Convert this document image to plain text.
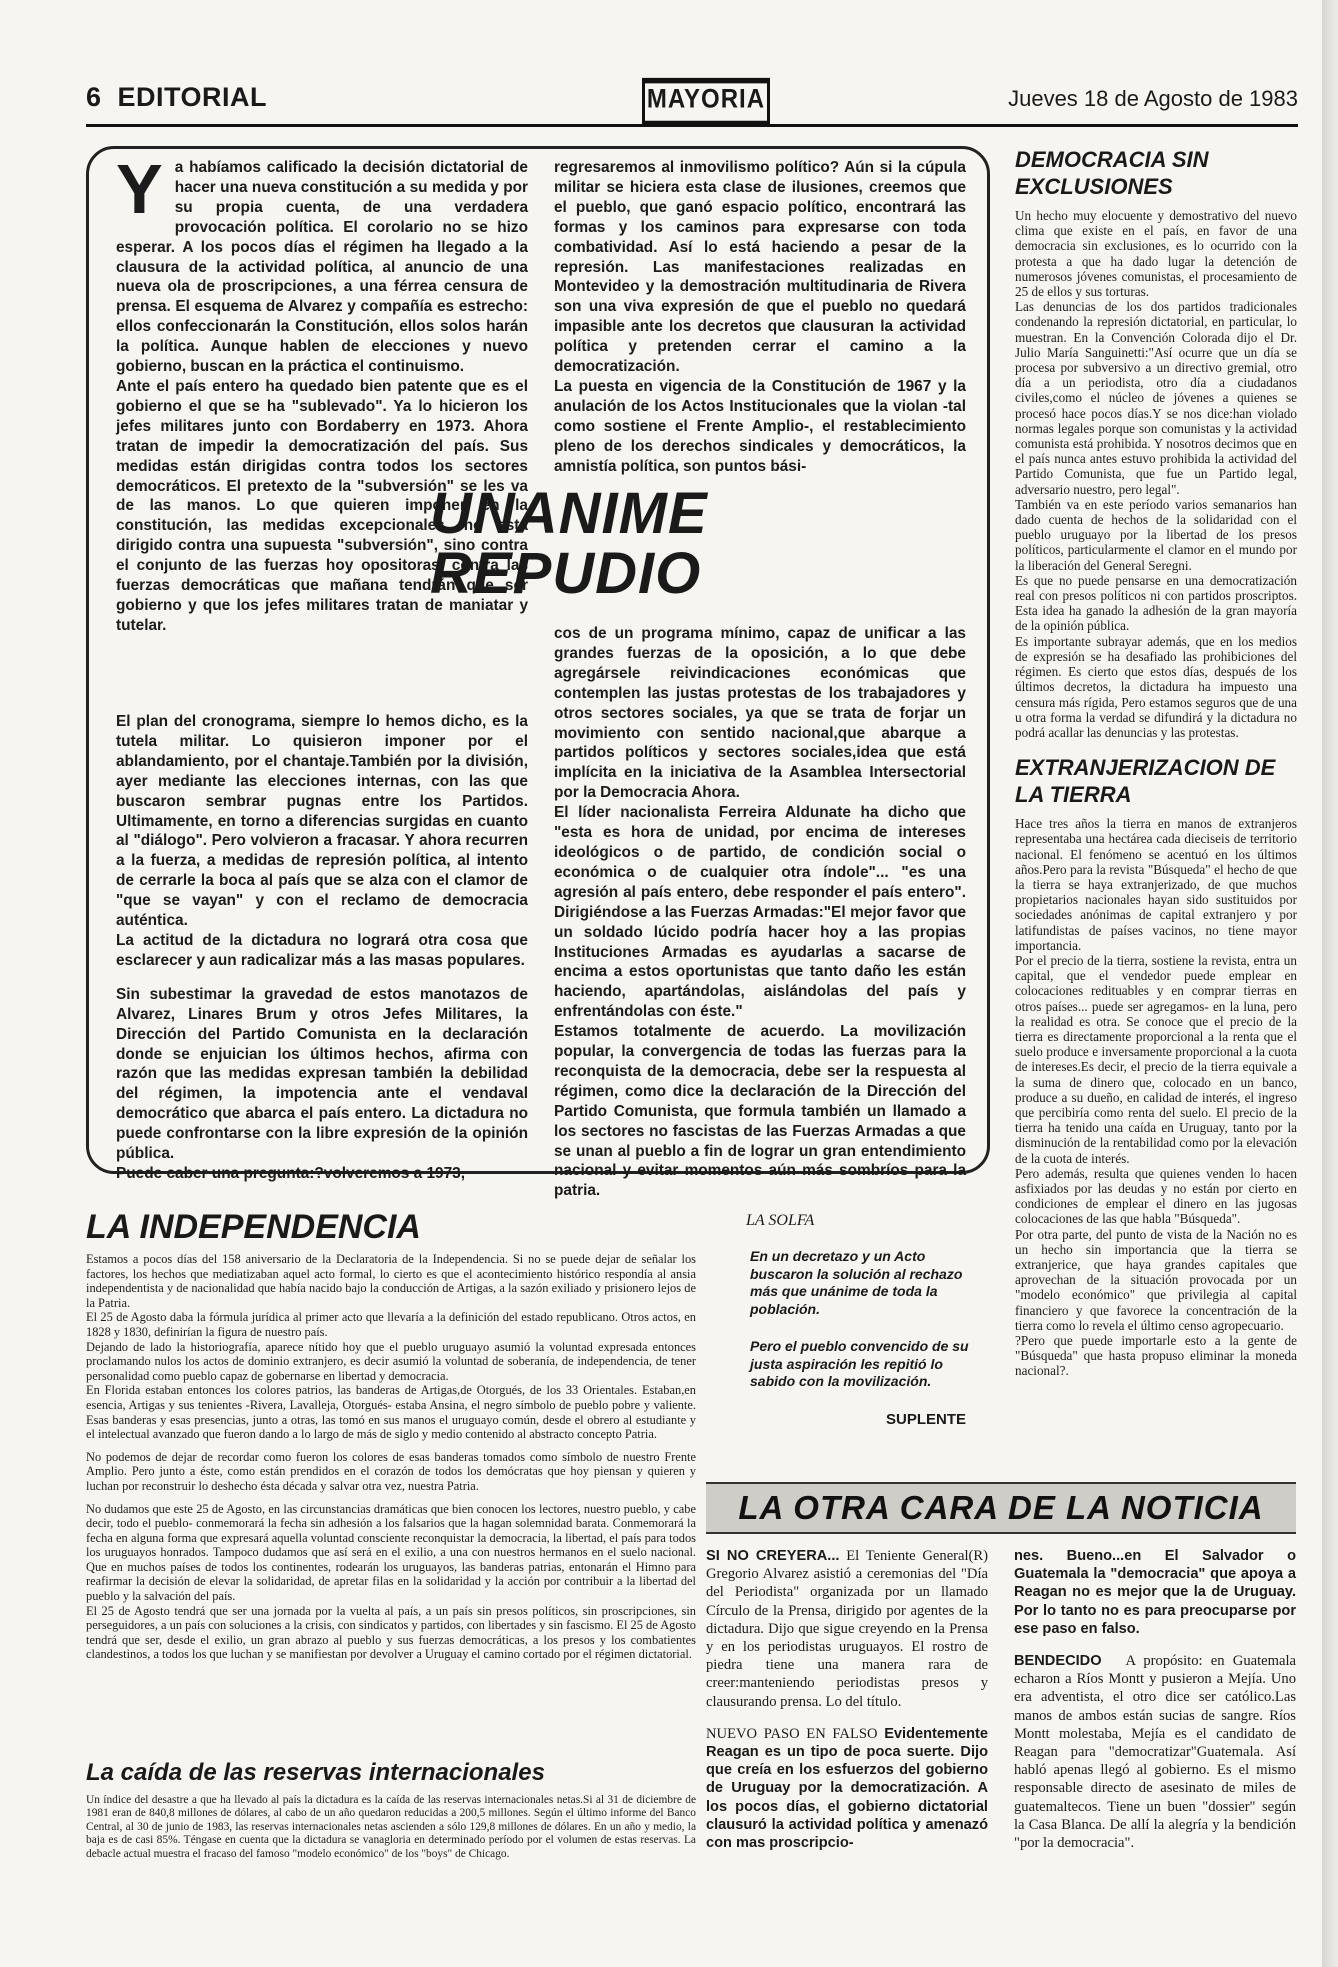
6 EDITORIAL	MAYORIA	Jueves 18 de Agosto de 1983

Ya habíamos calificado la decisión dictatorial de hacer una nueva constitución a su medida y por su propia cuenta, de una verdadera provocación política. El corolario no se hizo esperar. A los pocos días el régimen ha llegado a la clausura de la actividad política, al anuncio de una nueva ola de proscripciones, a una férrea censura de prensa. El esquema de Alvarez y compañía es estrecho: ellos confeccionarán la Constitución, ellos solos harán la política. Aunque hablen de elecciones y nuevo gobierno, buscan en la práctica el continuismo.

Ante el país entero ha quedado bien patente que es el gobierno el que se ha "sublevado". Ya lo hicieron los jefes militares junto con Bordaberry en 1973. Ahora tratan de impedir la democratización del país. Sus medidas están dirigidas contra todos los sectores democráticos. El pretexto de la "subversión" se les va de las manos. Lo que quieren imponer en la constitución, las medidas excepcionales, no está dirigido contra una supuesta "subversión", sino contra el conjunto de las fuerzas hoy opositoras, contra las fuerzas democráticas que mañana tendrán que ser gobierno y que los jefes militares tratan de maniatar y tutelar.

UNANIME
REPUDIO

El plan del cronograma, siempre lo hemos dicho, es la tutela militar. Lo quisieron imponer por el ablandamiento, por el chantaje.También por la división, ayer mediante las elecciones internas, con las que buscaron sembrar pugnas entre los Partidos. Ultimamente, en torno a diferencias surgidas en cuanto al "diálogo". Pero volvieron a fracasar. Y ahora recurren a la fuerza, a medidas de represión política, al intento de cerrarle la boca al país que se alza con el clamor de "que se vayan" y con el reclamo de democracia auténtica.

La actitud de la dictadura no logrará otra cosa que esclarecer y aun radicalizar más a las masas populares.

Sin subestimar la gravedad de estos manotazos de Alvarez, Linares Brum y otros Jefes Militares, la Dirección del Partido Comunista en la declaración donde se enjuician los últimos hechos, afirma con razón que las medidas expresan también la debilidad del régimen, la impotencia ante el vendaval democrático que abarca el país entero. La dictadura no puede confrontarse con la libre expresión de la opinión pública.

Puede caber una pregunta:?volveremos a 1973,

regresaremos al inmovilismo político? Aún si la cúpula militar se hiciera esta clase de ilusiones, creemos que el pueblo, que ganó espacio político, encontrará las formas y los caminos para expresarse con toda combatividad. Así lo está haciendo a pesar de la represión. Las manifestaciones realizadas en Montevideo y la demostración multitudinaria de Rivera son una viva expresión de que el pueblo no quedará impasible ante los decretos que clausuran la actividad política y pretenden cerrar el camino a la democratización.

La puesta en vigencia de la Constitución de 1967 y la anulación de los Actos Institucionales que la violan -tal como sostiene el Frente Amplio-, el restablecimiento pleno de los derechos sindicales y democráticos, la amnistía política, son puntos bási-

cos de un programa mínimo, capaz de unificar a las grandes fuerzas de la oposición, a lo que debe agregársele reivindicaciones económicas que contemplen las justas protestas de los trabajadores y otros sectores sociales, ya que se trata de forjar un movimiento con sentido nacional,que abarque a partidos políticos y sectores sociales,idea que está implícita en la iniciativa de la Asamblea Intersectorial por la Democracia Ahora.

El líder nacionalista Ferreira Aldunate ha dicho que "esta es hora de unidad, por encima de intereses ideológicos o de partido, de condición social o económica o de cualquier otra índole"... "es una agresión al país entero, debe responder el país entero". Dirigiéndose a las Fuerzas Armadas:"El mejor favor que un soldado lúcido podría hacer hoy a las propias Instituciones Armadas es ayudarlas a sacarse de encima a estos oportunistas que tanto daño les están haciendo, apartándolas, aislándolas del país y enfrentándolas con éste."

Estamos totalmente de acuerdo. La movilización popular, la convergencia de todas las fuerzas para la reconquista de la democracia, debe ser la respuesta al régimen, como dice la declaración de la Dirección del Partido Comunista, que formula también un llamado a los sectores no fascistas de las Fuerzas Armadas a que se unan al pueblo a fin de lograr un gran entendimiento nacional y evitar momentos aún más sombríos para la patria.

DEMOCRACIA SIN EXCLUSIONES

Un hecho muy elocuente y demostrativo del nuevo clima que existe en el país, en favor de una democracia sin exclusiones, es lo ocurrido con la protesta a que ha dado lugar la detención de numerosos jóvenes comunistas, el procesamiento de 25 de ellos y sus torturas.

Las denuncias de los dos partidos tradicionales condenando la represión dictatorial, en particular, lo muestran. En la Convención Colorada dijo el Dr. Julio María Sanguinetti:"Así ocurre que un día se procesa por subversivo a un directivo gremial, otro día a un periodista, otro día a ciudadanos civiles,como el núcleo de jóvenes a quienes se procesó hace pocos días.Y se nos dice:han violado normas legales porque son comunistas y la actividad comunista está prohibida. Y nosotros decimos que en el país nunca antes estuvo prohibida la actividad del Partido Comunista, que fue un Partido legal, adversario nuestro, pero legal".

También va en este período varios semanarios han dado cuenta de hechos de la solidaridad con el pueblo uruguayo por la libertad de los presos políticos, particularmente el clamor en el mundo por la liberación del General Seregni.

Es que no puede pensarse en una democratización real con presos políticos ni con partidos proscriptos. Esta idea ha ganado la adhesión de la gran mayoría de la opinión pública.

Es importante subrayar además, que en los medios de expresión se ha desafiado las prohibiciones del régimen. Es cierto que estos días, después de los últimos decretos, la dictadura ha impuesto una censura más rígida, Pero estamos seguros que de una u otra forma la verdad se difundirá y la dictadura no podrá acallar las denuncias y las protestas.

EXTRANJERIZACION DE LA TIERRA

Hace tres años la tierra en manos de extranjeros representaba una hectárea cada dieciseis de territorio nacional. El fenómeno se acentuó en los últimos años.Pero para la revista "Búsqueda" el hecho de que la tierra se haya extranjerizado, de que muchos propietarios nacionales hayan sido sustituidos por sociedades anónimas de capital extranjero y por latifundistas de países vacinos, no tiene mayor importancia.

Por el precio de la tierra, sostiene la revista, entra un capital, que el vendedor puede emplear en colocaciones redituables y en comprar tierras en otros países... puede ser agregamos- en la luna, pero la realidad es otra. Se conoce que el precio de la tierra es directamente proporcional a la renta que el suelo produce e inversamente proporcional a la cuota de intereses.Es decir, el precio de la tierra equivale a la suma de dinero que, colocado en un banco, produce a su dueño, en calidad de interés, el ingreso que percibiría como renta del suelo. El precio de la tierra ha tenido una caída en Uruguay, tanto por la disminución de la rentabilidad como por la elevación de la cuota de interés.

Pero además, resulta que quienes venden lo hacen asfixiados por las deudas y no están por cierto en condiciones de emplear el dinero en las jugosas colocaciones de las que habla "Búsqueda".

Por otra parte, del punto de vista de la Nación no es un hecho sin importancia que la tierra se extranjerice, que haya grandes capitales que aprovechan de la situación provocada por un "modelo económico" que privilegia al capital financiero y que favorece la concentración de la tierra como lo revela el último censo agropecuario.

?Pero que puede importarle esto a la gente de "Búsqueda" que hasta propuso eliminar la moneda nacional?.

LA INDEPENDENCIA

Estamos a pocos días del 158 aniversario de la Declaratoria de la Independencia. Si no se puede dejar de señalar los factores, los hechos que mediatizaban aquel acto formal, lo cierto es que el acontecimiento histórico respondía al ansia independentista y de nacionalidad que había nacido bajo la conducción de Artigas, a la sazón exiliado y prisionero lejos de la Patria.

El 25 de Agosto daba la fórmula jurídica al primer acto que llevaría a la definición del estado republicano. Otros actos, en 1828 y 1830, definirían la figura de nuestro país.

Dejando de lado la historiografía, aparece nítido hoy que el pueblo uruguayo asumió la voluntad expresada entonces proclamando nulos los actos de dominio extranjero, es decir asumió la voluntad de soberanía, de independencia, de tener personalidad como pueblo capaz de gobernarse en libertad y democracia.

En Florida estaban entonces los colores patrios, las banderas de Artigas,de Otorgués, de los 33 Orientales. Estaban,en esencia, Artigas y sus tenientes -Rivera, Lavalleja, Otorgués- estaba Ansina, el negro símbolo de pueblo pobre y valiente. Esas banderas y esas presencias, junto a otras, las tomó en sus manos el uruguayo común, desde el obrero al estudiante y el intelectual avanzado que fueron dando a lo largo de más de siglo y medio contenido al abstracto concepto Patria.

No podemos de dejar de recordar como fueron los colores de esas banderas tomados como símbolo de nuestro Frente Amplio. Pero junto a éste, como están prendidos en el corazón de todos los demócratas que hoy piensan y quieren y luchan por reconstruir lo deshecho ésta década y salvar otra vez, nuestra Patria.

No dudamos que este 25 de Agosto, en las circunstancias dramáticas que bien conocen los lectores, nuestro pueblo, y cabe decir, todo el pueblo- conmemorará la fecha sin adhesión a los falsarios que la hagan solemnidad barata. Conmemorará la fecha en alguna forma que expresará aquella voluntad consciente reconquistar la democracia, la libertad, el país para todos los uruguayos honrados. Tampoco dudamos que así será en el exilio, a una con nuestros hermanos en el suelo nacional. Que en muchos países de todos los continentes, rodearán los uruguayos, las banderas patrias, entonarán el Himno para reafirmar la decisión de elevar la solidaridad, de apretar filas en la solidaridad y la acción por contribuir a la libertad del pueblo y la salvación del país.

El 25 de Agosto tendrá que ser una jornada por la vuelta al país, a un país sin presos políticos, sin proscripciones, sin perseguidores, a un país con soluciones a la crisis, con sindicatos y partidos, con libertades y sin fascismo. El 25 de Agosto tendrá que ser, desde el exilio, un gran abrazo al pueblo y sus fuerzas democráticas, a los presos y los combatientes clandestinos, a todos los que luchan y se manifiestan por devolver a Uruguay el camino cortado por el régimen dictatorial.

La caída de las reservas internacionales

Un índice del desastre a que ha llevado al país la dictadura es la caída de las reservas internacionales netas.Si al 31 de diciembre de 1981 eran de 840,8 millones de dólares, al cabo de un año quedaron reducidas a 200,5 millones. Según el último informe del Banco Central, al 30 de junio de 1983, las reservas internacionales netas ascienden a sólo 129,8 millones de dólares. En un año y medio, la baja es de casi 85%. Téngase en cuenta que la dictadura se vanagloria en determinado período por el volumen de estas reservas. La debacle actual muestra el fracaso del famoso "modelo económico" de los "boys" de Chicago.

LA SOLFA
En un decretazo y un Acto buscaron la solución al rechazo más que unánime de toda la población.
Pero el pueblo convencido de su justa aspiración les repitió lo sabido con la movilización.
SUPLENTE
LA OTRA CARA DE LA NOTICIA

SI NO CREYERA... El Teniente General(R) Gregorio Alvarez asistió a ceremonias del "Día del Periodista" organizada por un llamado Círculo de la Prensa, dirigido por agentes de la dictadura. Dijo que sigue creyendo en la Prensa y en los periodistas uruguayos. El rostro de piedra tiene una manera rara de creer:manteniendo periodistas presos y clausurando prensa. Lo del título.

NUEVO PASO EN FALSO Evidentemente Reagan es un tipo de poca suerte. Dijo que creía en los esfuerzos del gobierno de Uruguay por la democratización. A los pocos días, el gobierno dictatorial clausuró la actividad política y amenazó con mas proscripcio-

nes. Bueno...en El Salvador o Guatemala la "democracia" que apoya a Reagan no es mejor que la de Uruguay. Por lo tanto no es para preocuparse por ese paso en falso.

BENDECIDO A propósito: en Guatemala echaron a Ríos Montt y pusieron a Mejía. Uno era adventista, el otro dice ser católico.Las manos de ambos están sucias de sangre. Ríos Montt molestaba, Mejía es el candidato de Reagan para "democratizar"Guatemala. Así habló apenas llegó al gobierno. Es el mismo responsable directo de asesinato de miles de guatemaltecos. Tiene un buen "dossier" según la Casa Blanca. De allí la alegría y la bendición "por la democracia".
